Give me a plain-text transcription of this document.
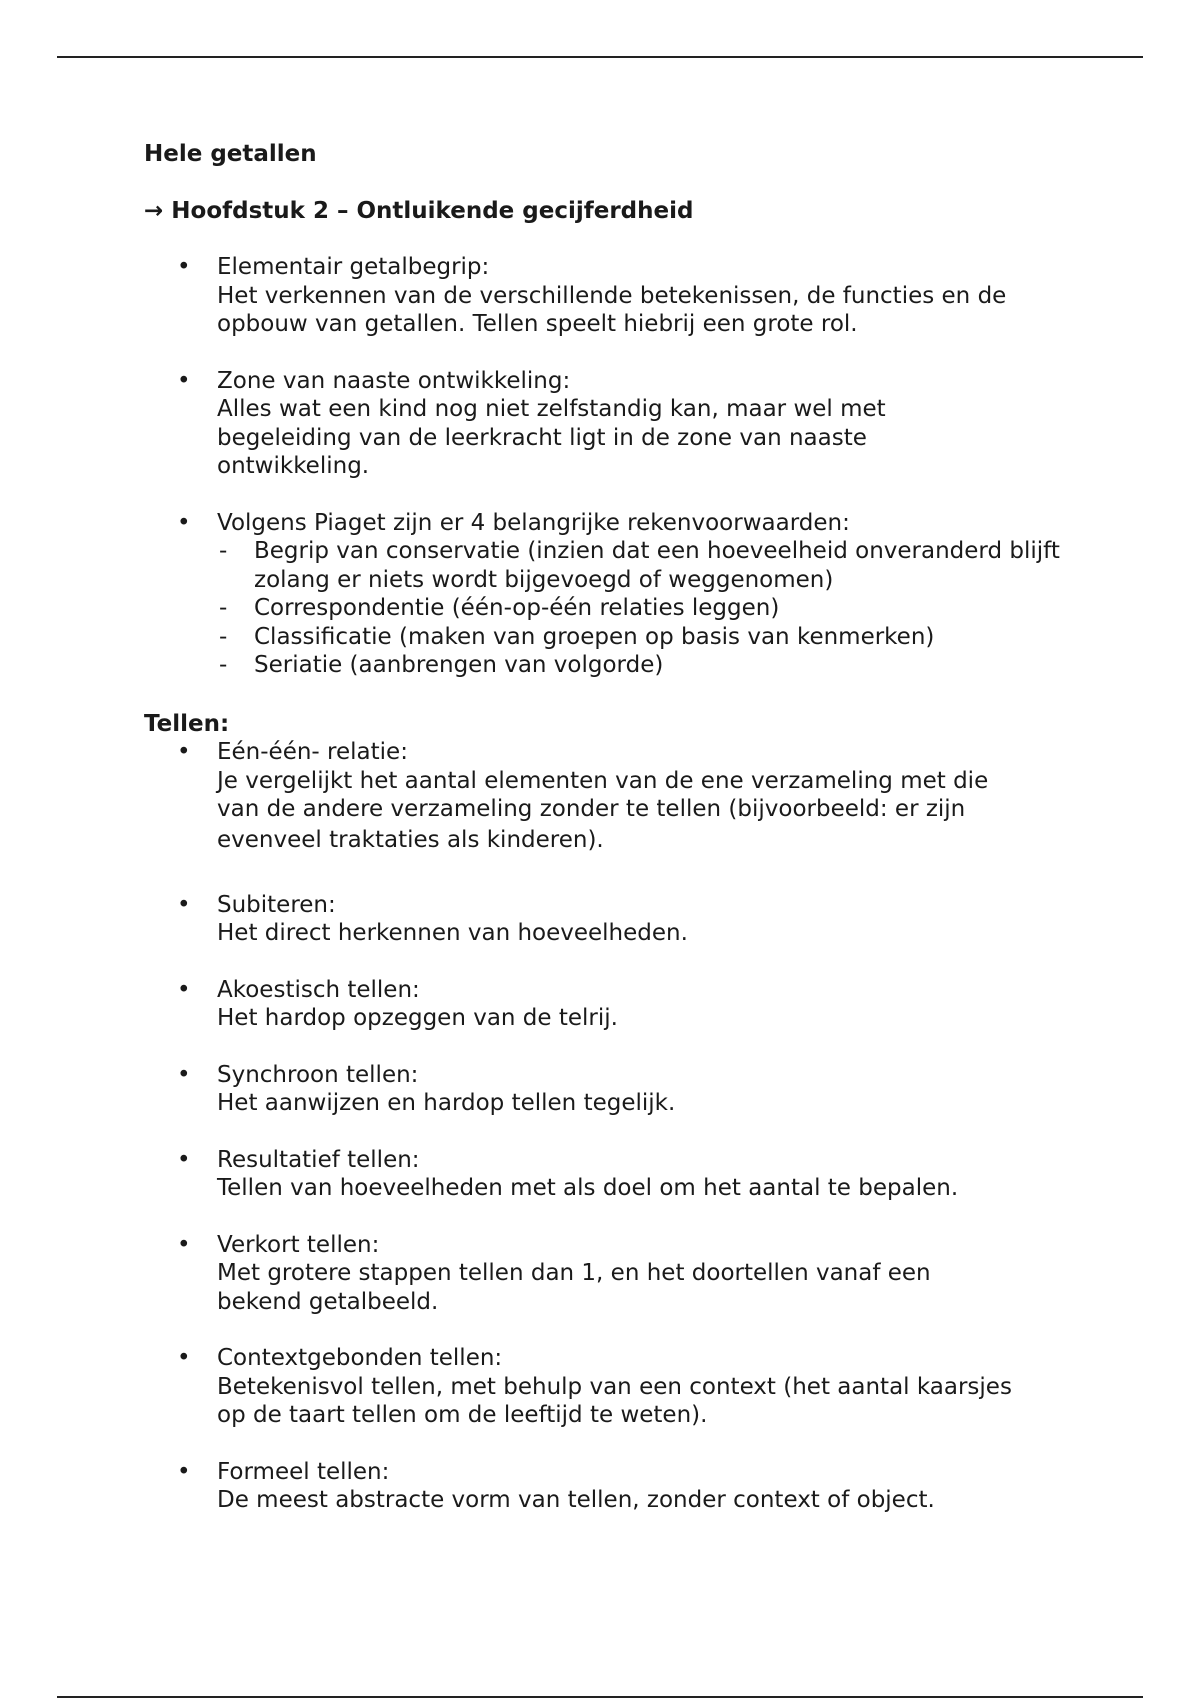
Hele getallen

→ Hoofdstuk 2 – Ontluikende gecijferdheid

• Elementair getalbegrip:
Het verkennen van de verschillende betekenissen, de functies en de
opbouw van getallen. Tellen speelt hiebrij een grote rol.
• Zone van naaste ontwikkeling:
Alles wat een kind nog niet zelfstandig kan, maar wel met
begeleiding van de leerkracht ligt in de zone van naaste
ontwikkeling.
• Volgens Piaget zijn er 4 belangrijke rekenvoorwaarden:
- Begrip van conservatie (inzien dat een hoeveelheid onveranderd blijft zolang er niets wordt bijgevoegd of weggenomen)
- Correspondentie (één-op-één relaties leggen)
- Classificatie (maken van groepen op basis van kenmerken)
- Seriatie (aanbrengen van volgorde)

Tellen:

• Eén-één- relatie:
Je vergelijkt het aantal elementen van de ene verzameling met die
van de andere verzameling zonder te tellen (bijvoorbeeld: er zijn
evenveel traktaties als kinderen).
• Subiteren:
Het direct herkennen van hoeveelheden.
• Akoestisch tellen:
Het hardop opzeggen van de telrij.
• Synchroon tellen:
Het aanwijzen en hardop tellen tegelijk.
• Resultatief tellen:
Tellen van hoeveelheden met als doel om het aantal te bepalen.
• Verkort tellen:
Met grotere stappen tellen dan 1, en het doortellen vanaf een
bekend getalbeeld.
• Contextgebonden tellen:
Betekenisvol tellen, met behulp van een context (het aantal kaarsjes
op de taart tellen om de leeftijd te weten).
• Formeel tellen:
De meest abstracte vorm van tellen, zonder context of object.
